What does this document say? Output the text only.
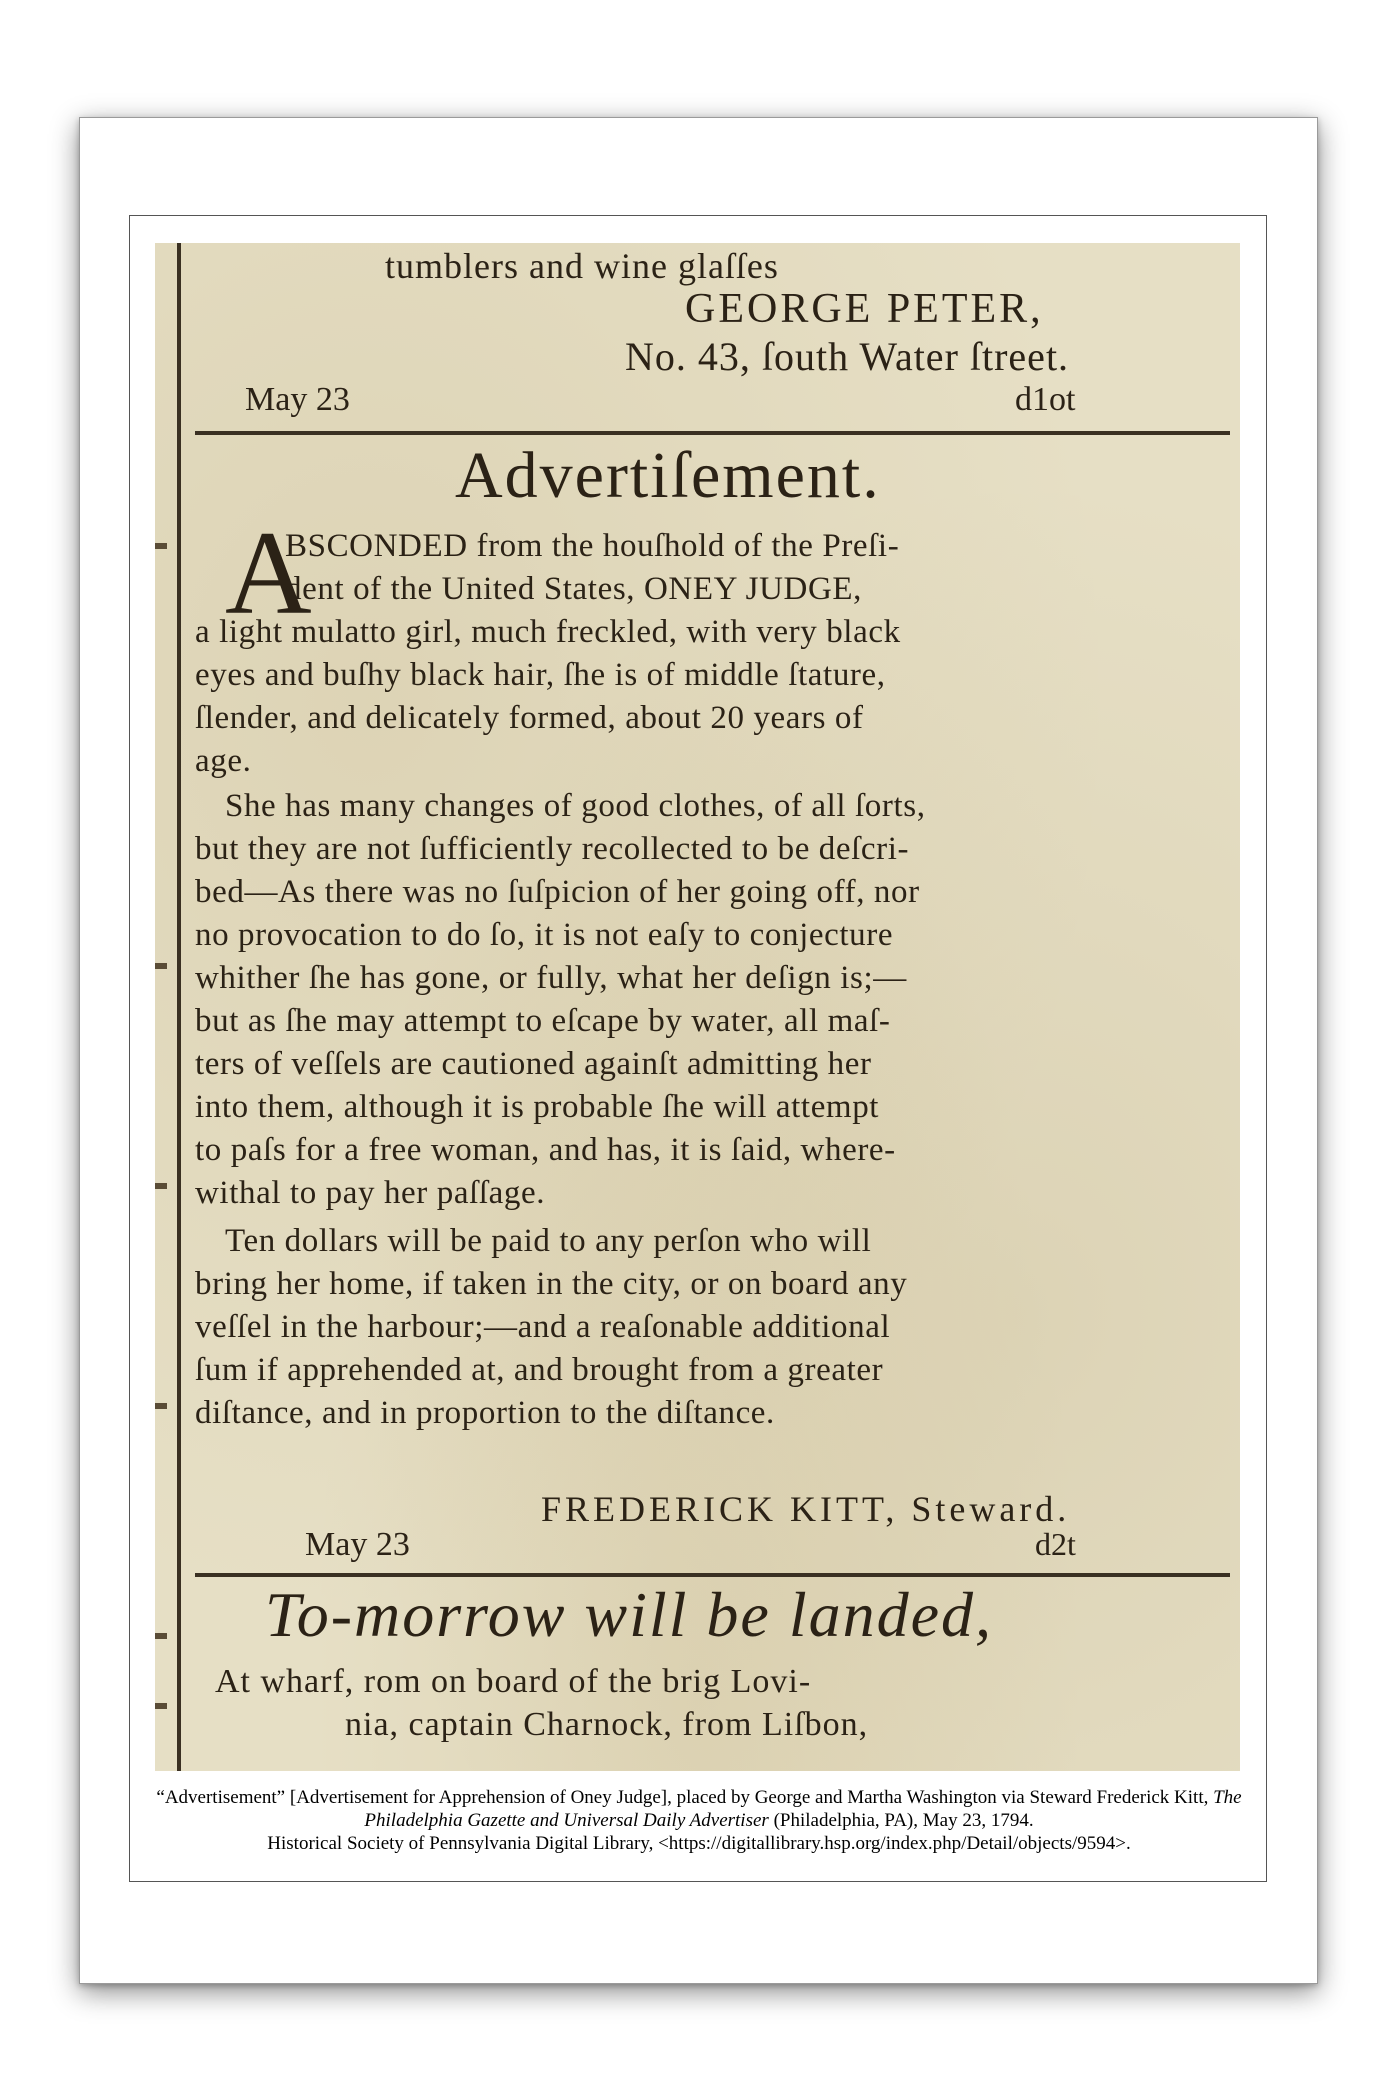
tumblers and wine glaſſes
GEORGE PETER,
No. 43, ſouth Water ſtreet.
May 23	d1ot
Advertiſement.
A
BSCONDED from the houſhold of the Preſi-
dent of the United States, ONEY JUDGE,
a light mulatto girl, much freckled, with very black
eyes and buſhy black hair, ſhe is of middle ſtature,
ſlender, and delicately formed, about 20 years of
age.
She has many changes of good clothes, of all ſorts,
but they are not ſufficiently recollected to be deſcri-
bed—As there was no ſuſpicion of her going off, nor
no provocation to do ſo, it is not eaſy to conjecture
whither ſhe has gone, or fully, what her deſign is;—
but as ſhe may attempt to eſcape by water, all maſ-
ters of veſſels are cautioned againſt admitting her
into them, although it is probable ſhe will attempt
to paſs for a free woman, and has, it is ſaid, where-
withal to pay her paſſage.
Ten dollars will be paid to any perſon who will
bring her home, if taken in the city, or on board any
veſſel in the harbour;—and a reaſonable additional
ſum if apprehended at, and brought from a greater
diſtance, and in proportion to the diſtance.
FREDERICK KITT, Steward.
May 23	d2t
To-morrow will be landed,
At wharf, rom on board of the brig Lovi-
nia, captain Charnock, from Liſbon,
“Advertisement” [Advertisement for Apprehension of Oney Judge], placed by George and Martha Washington via Steward Frederick Kitt, The Philadelphia Gazette and Universal Daily Advertiser (Philadelphia, PA), May 23, 1794.
Historical Society of Pennsylvania Digital Library, <https://digitallibrary.hsp.org/index.php/Detail/objects/9594>.
